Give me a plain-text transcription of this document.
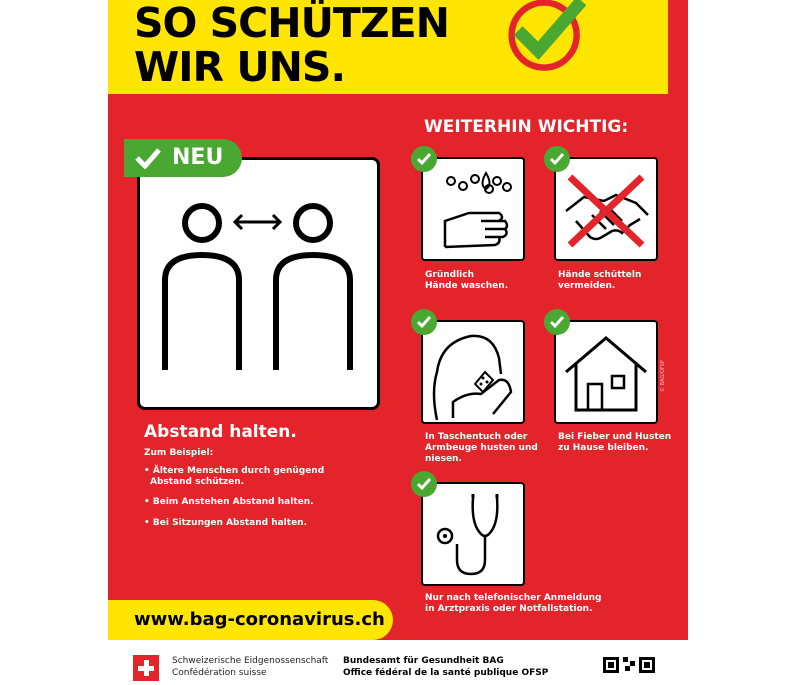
SO SCHÜTZEN
WIR UNS.
NEU
Abstand halten.
Zum Beispiel:
• Ältere Menschen durch genügend
Abstand schützen.
• Beim Anstehen Abstand halten.
• Bei Sitzungen Abstand halten.
WEITERHIN WICHTIG:
Gründlich
Hände waschen.
Hände schütteln
vermeiden.
In Taschentuch oder
Armbeuge husten und
niesen.
Bei Fieber und Husten
zu Hause bleiben.
Nur nach telefonischer Anmeldung
in Arztpraxis oder Notfallstation.
© BAG/OFSP
www.bag-coronavirus.ch
Schweizerische Eidgenossenschaft
Confédération suisse
Bundesamt für Gesundheit BAG
Office fédéral de la santé publique OFSP
